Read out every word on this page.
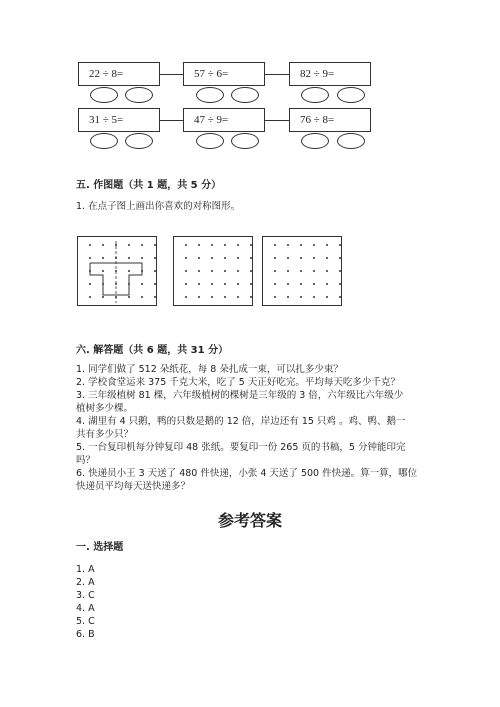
22 ÷ 8=	57 ÷ 6=	82 ÷ 9=
31 ÷ 5=	47 ÷ 9=	76 ÷ 8=
五. 作图题（共 1 题，共 5 分）
1. 在点子图上画出你喜欢的对称图形。
六. 解答题（共 6 题，共 31 分）
1. 同学们做了 512 朵纸花，每 8 朵扎成一束，可以扎多少束？
2. 学校食堂运来 375 千克大米，吃了 5 天正好吃完。平均每天吃多少千克？
3. 三年级植树 81 棵，六年级植树的棵树是三年级的 3 倍，六年级比六年级少
植树多少棵。
4. 湖里有 4 只鹅，鸭的只数是鹅的 12 倍，岸边还有 15 只鸡 。鸡、鸭、鹅一
共有多少只？
5. 一台复印机每分钟复印 48 张纸。要复印一份 265 页的书稿，5 分钟能印完
吗？
6. 快递员小王 3 天送了 480 件快递，小张 4 天送了 500 件快递。算一算，哪位
快递员平均每天送快递多？
参考答案
一. 选择题
1. A
2. A
3. C
4. A
5. C
6. B
